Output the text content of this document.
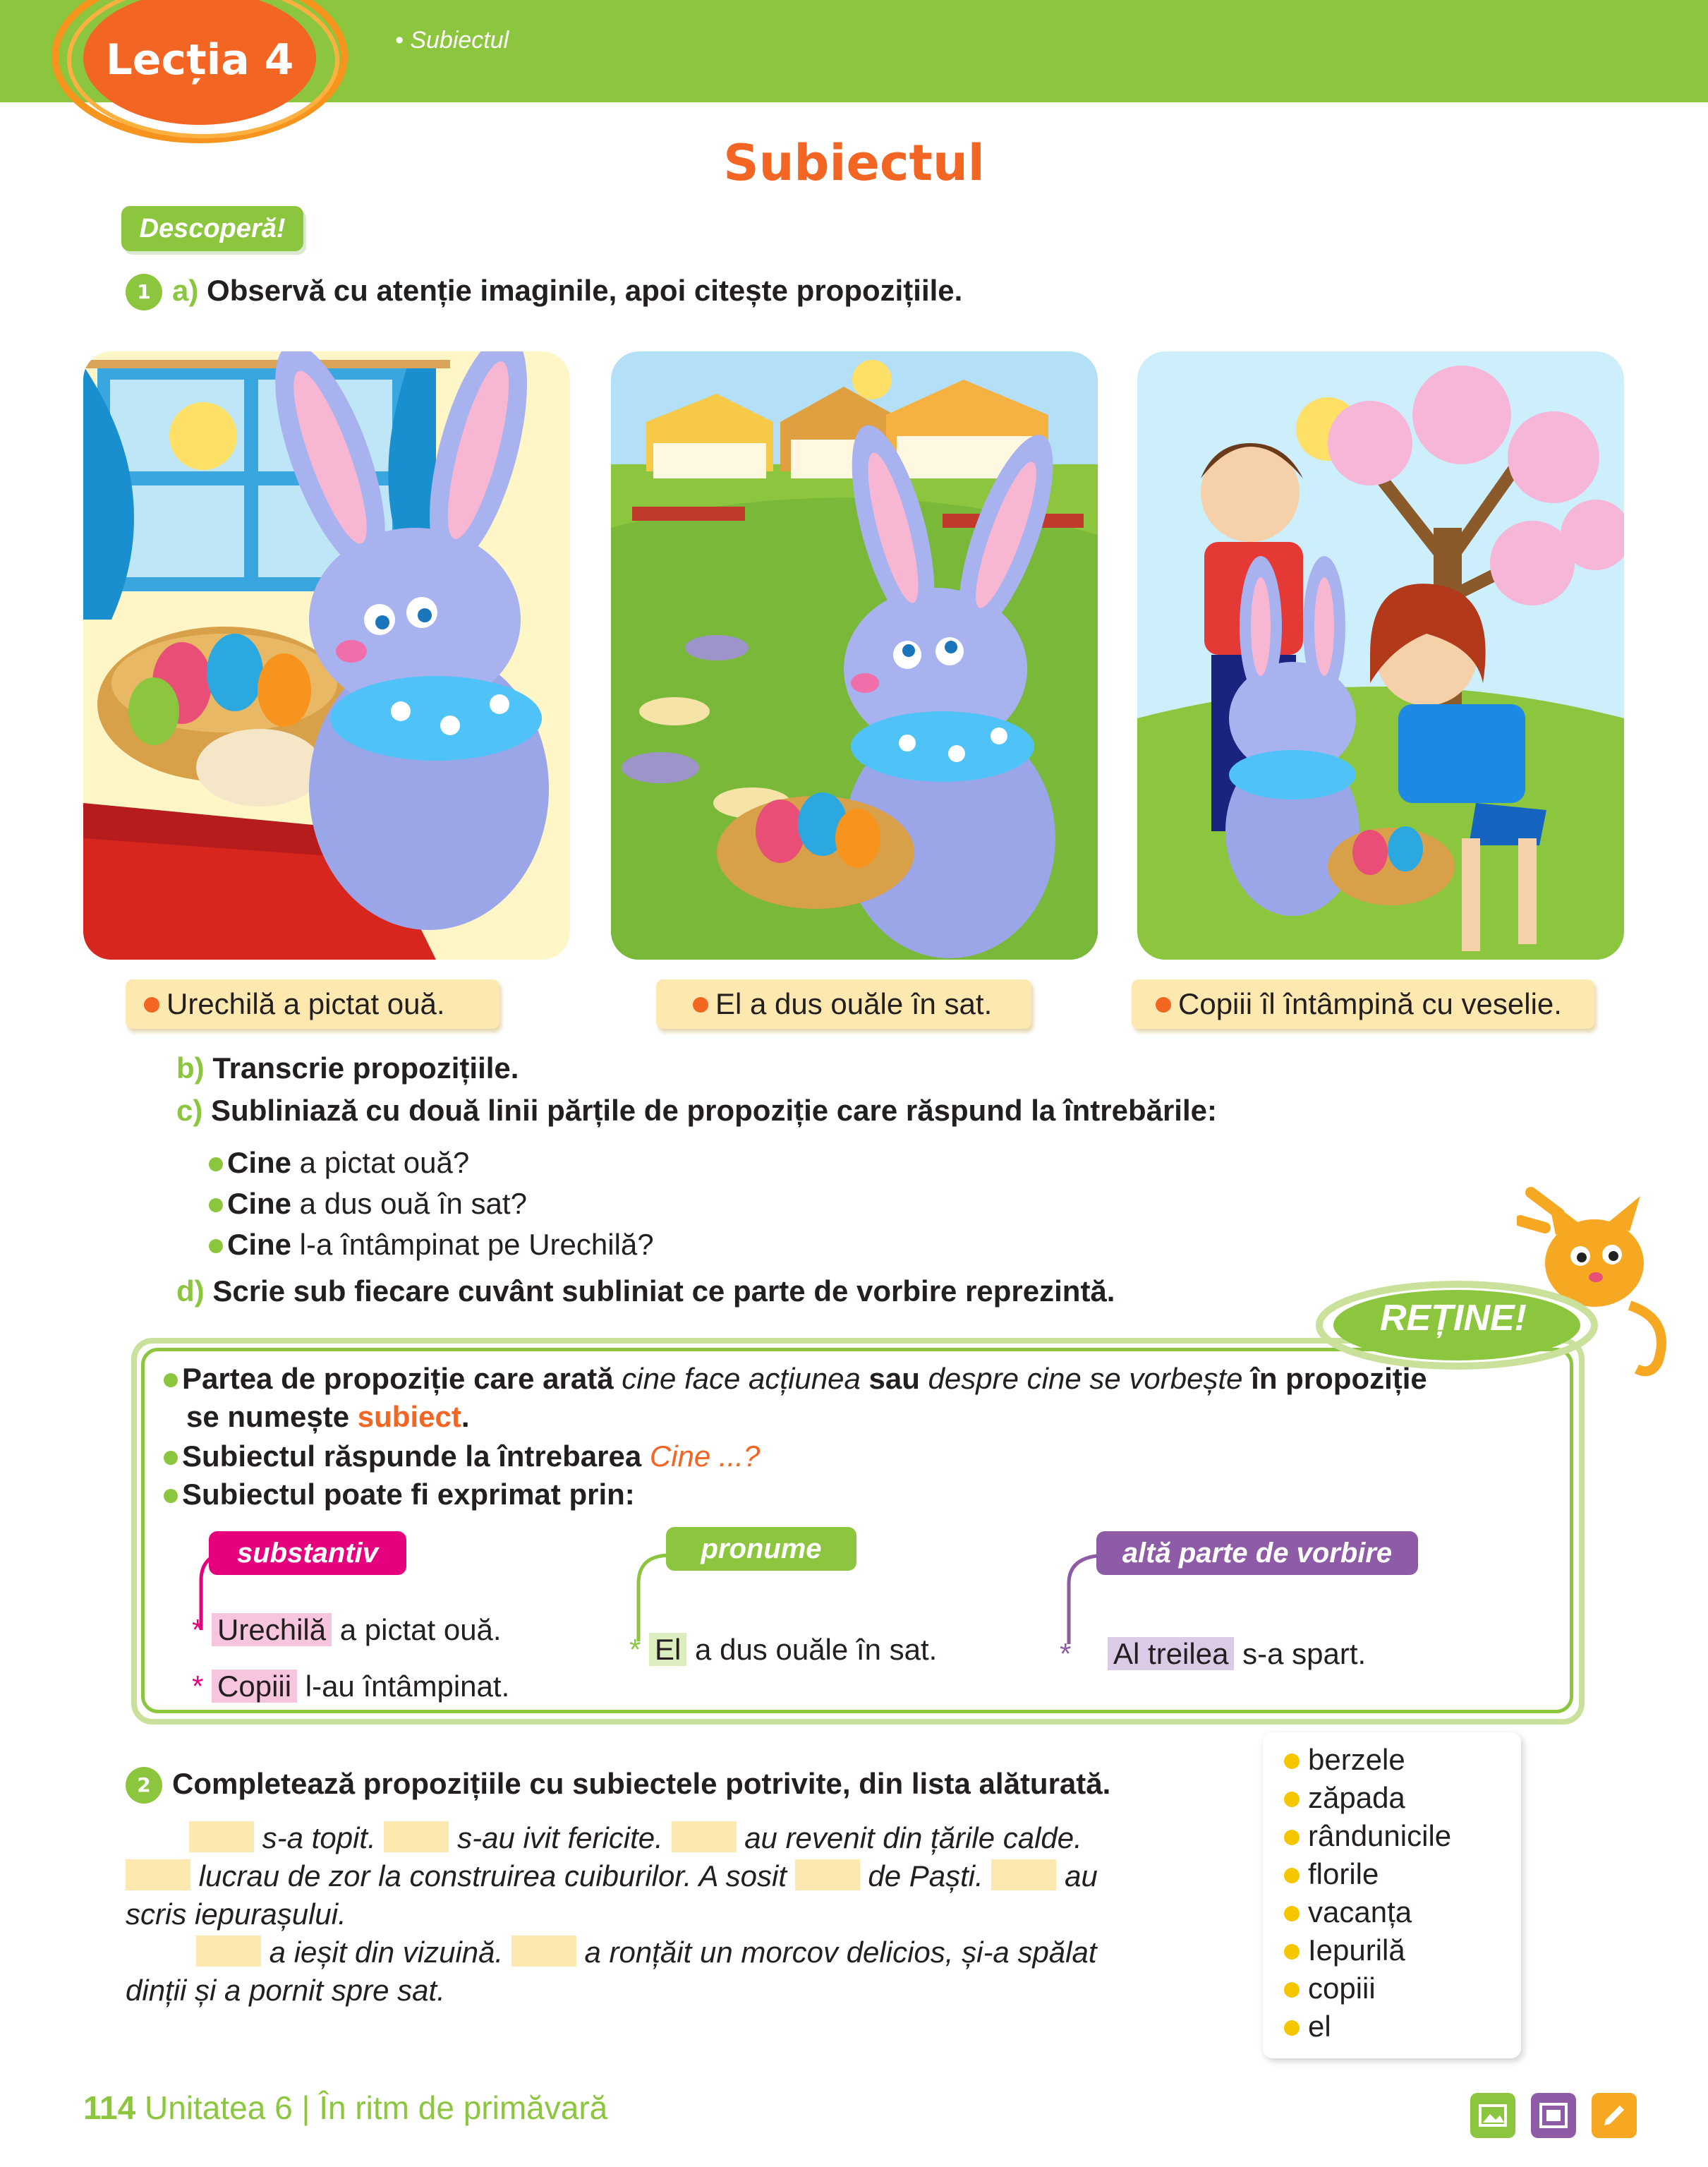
Lecția 4	• Subiectul
Subiectul
Descoperă!
1 a) Observă cu atenție imaginile, apoi citește propozițiile.
Urechilă a pictat ouă.	El a dus ouăle în sat.	Copiii îl întâmpină cu veselie.
b) Transcrie propozițiile.
c) Subliniază cu două linii părțile de propoziție care răspund la întrebările:
Cine a pictat ouă?
Cine a dus ouă în sat?
Cine l-a întâmpinat pe Urechilă?
d) Scrie sub fiecare cuvânt subliniat ce parte de vorbire reprezintă.
REȚINE!
Partea de propoziție care arată cine face acțiunea sau despre cine se vorbește în propoziție
se numește subiect.
Subiectul răspunde la întrebarea Cine ...?
Subiectul poate fi exprimat prin:
substantiv	pronume	altă parte de vorbire
* Urechilă a pictat ouă.
* Copiii l-au întâmpinat.
* El a dus ouăle în sat.	* Al treilea s-a spart.
2 Completează propozițiile cu subiectele potrivite, din lista alăturată.
s-a topit.	s-au ivit fericite.	au revenit din țările calde.
lucrau de zor la construirea cuiburilor. A sosit	de Paști.	au
scris iepurașului.
a ieșit din vizuină.	a ronțăit un morcov delicios, și-a spălat
dinții și a pornit spre sat.
berzele
zăpada
rândunicile
florile
vacanța
Iepurilă
copiii
el
114 Unitatea 6 | În ritm de primăvară
